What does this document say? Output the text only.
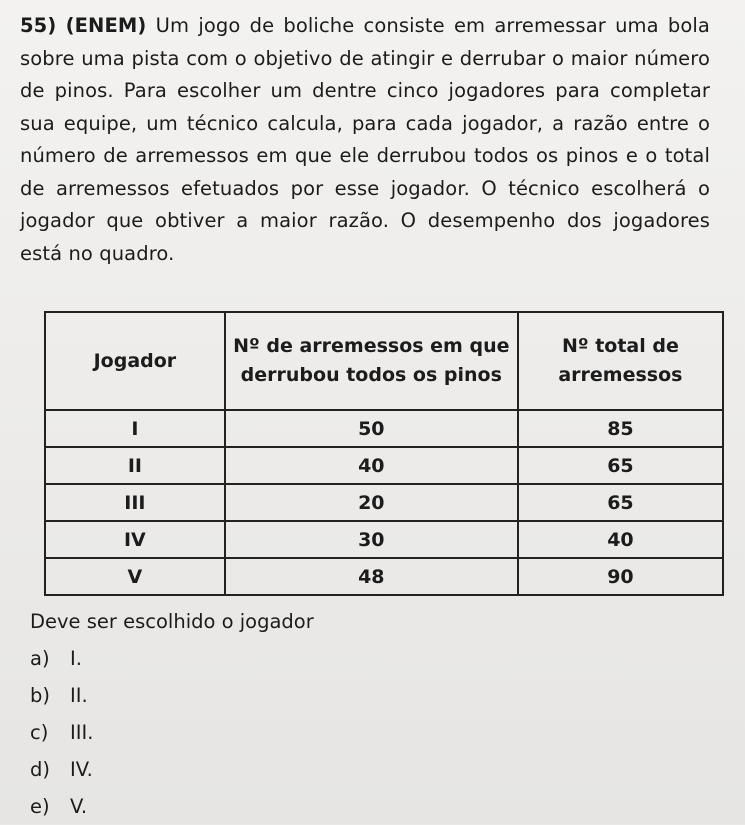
55) (ENEM) Um jogo de boliche consiste em arremessar uma bola sobre uma pista com o objetivo de atingir e derrubar o maior número de pinos. Para escolher um dentre cinco jogadores para completar sua equipe, um técnico calcula, para cada jogador, a razão entre o número de arremessos em que ele derrubou todos os pinos e o total de arremessos efetuados por esse jogador. O técnico escolherá o jogador que obtiver a maior razão. O desempenho dos jogadores está no quadro.

Jogador	Nº de arremessos em que derrubou todos os pinos	Nº total de arremessos
I	50	85
II	40	65
III	20	65
IV	30	40
V	48	90
Deve ser escolhido o jogador
a)	I.
b)	II.
c)	III.
d)	IV.
e)	V.
